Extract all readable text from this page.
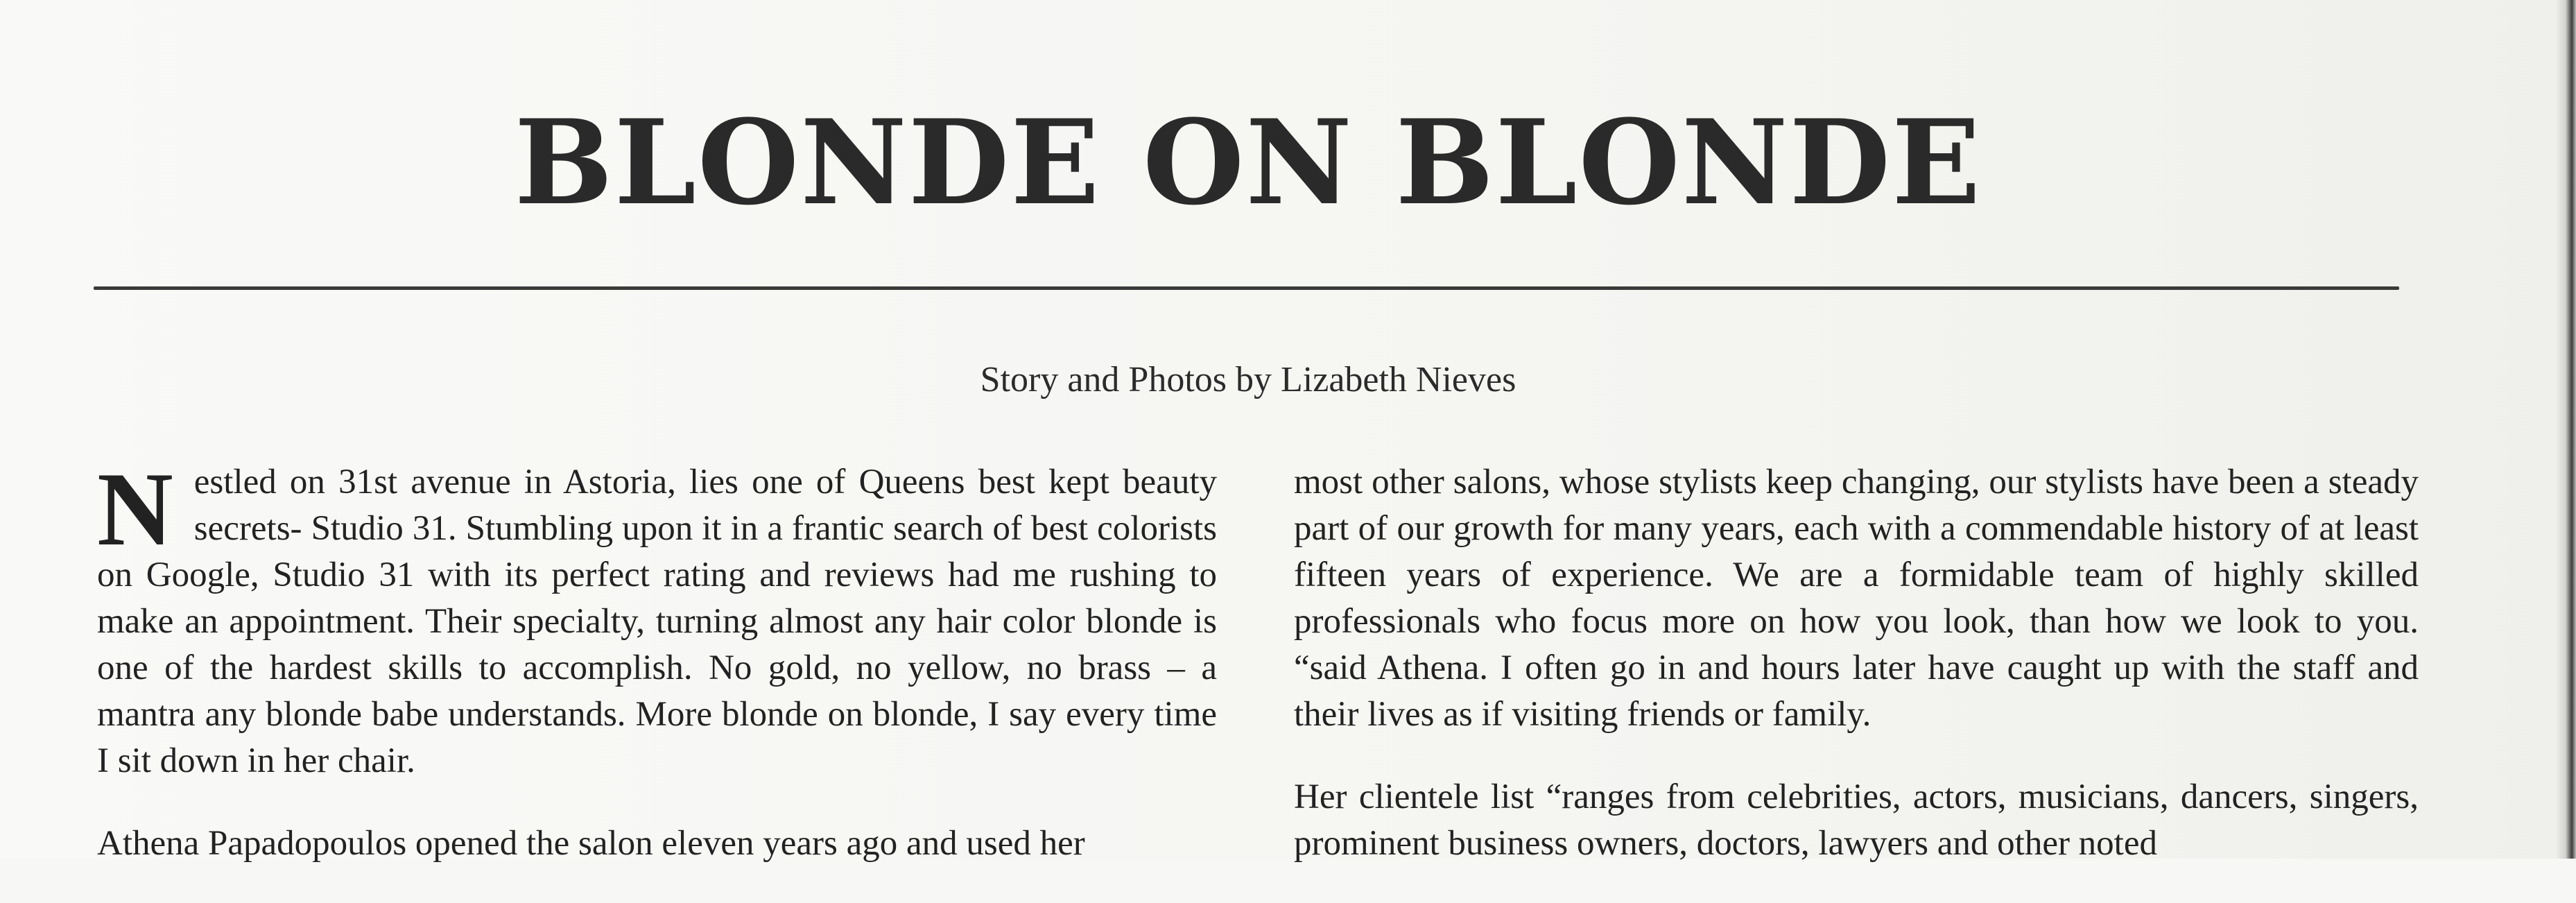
BLONDE ON BLONDE

Story and Photos by Lizabeth Nieves

Nestled on 31st avenue in Astoria, lies one of Queens best kept beauty secrets- Studio 31. Stumbling upon it in a frantic search of best colorists on Google, Studio 31 with its perfect rating and reviews had me rushing to make an appointment. Their specialty, turning almost any hair color blonde is one of the hardest skills to accomplish. No gold, no yellow, no brass – a mantra any blonde babe understands. More blonde on blonde, I say every time I sit down in her chair.

Athena Papadopoulos opened the salon eleven years ago and used her

most other salons, whose stylists keep changing, our stylists have been a steady part of our growth for many years, each with a commendable history of at least fifteen years of experience. We are a formidable team of highly skilled professionals who focus more on how you look, than how we look to you. “said Athena. I often go in and hours later have caught up with the staff and their lives as if visiting friends or family.

Her clientele list “ranges from celebrities, actors, musicians, dancers, singers, prominent business owners, doctors, lawyers and other noted
